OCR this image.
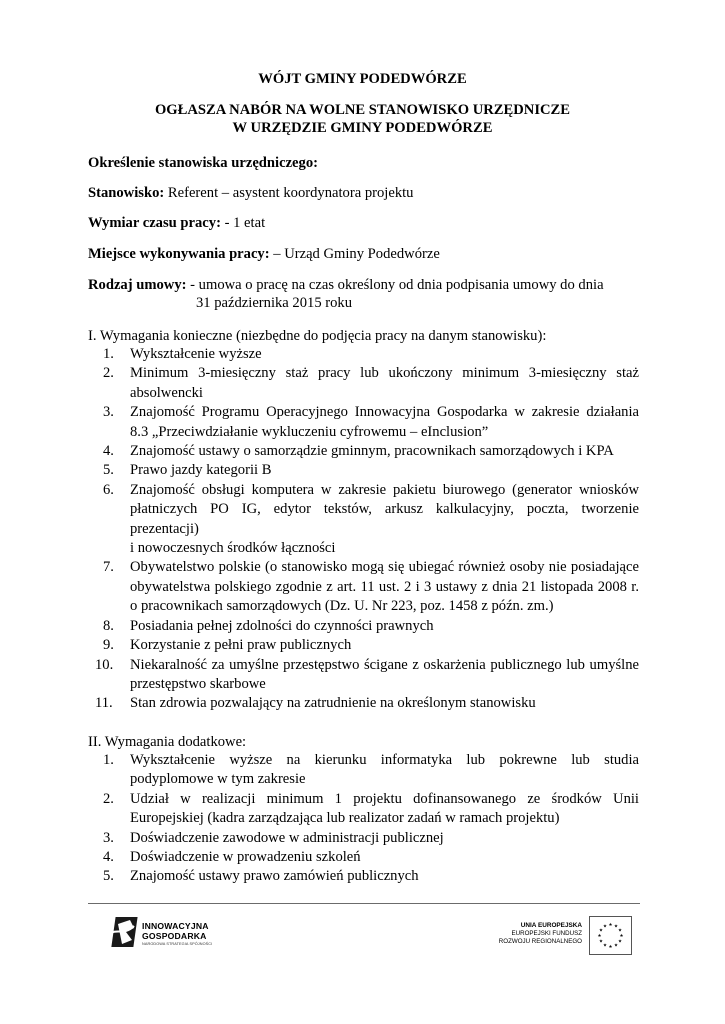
WÓJT GMINY PODEDWÓRZE
OGŁASZA NABÓR NA WOLNE STANOWISKO URZĘDNICZE
W URZĘDZIE GMINY PODEDWÓRZE
Określenie stanowiska urzędniczego:
Stanowisko: Referent – asystent koordynatora projektu
Wymiar czasu pracy: - 1 etat
Miejsce wykonywania pracy: – Urząd Gminy Podedwórze
Rodzaj umowy: - umowa o pracę na czas określony od dnia podpisania umowy do dnia
31 października 2015 roku
I. Wymagania konieczne (niezbędne do podjęcia pracy na danym stanowisku):
1.	Wykształcenie wyższe
2.	Minimum 3-miesięczny staż pracy lub ukończony minimum 3-miesięczny staż
absolwencki
3.	Znajomość Programu Operacyjnego Innowacyjna Gospodarka w zakresie działania
8.3 „Przeciwdziałanie wykluczeniu cyfrowemu – eInclusion”
4.	Znajomość ustawy o samorządzie gminnym, pracownikach samorządowych i KPA
5.	Prawo jazdy kategorii B
6.	Znajomość obsługi komputera w zakresie pakietu biurowego (generator wniosków
płatniczych PO IG, edytor tekstów, arkusz kalkulacyjny, poczta, tworzenie
prezentacji)
i nowoczesnych środków łączności
7.	Obywatelstwo polskie (o stanowisko mogą się ubiegać również osoby nie posiadające
obywatelstwa polskiego zgodnie z art. 11 ust. 2 i 3 ustawy z dnia 21 listopada 2008 r.
o pracownikach samorządowych (Dz. U. Nr 223, poz. 1458 z późn. zm.)
8.	Posiadania pełnej zdolności do czynności prawnych
9.	Korzystanie z pełni praw publicznych
10. Niekaralność za umyślne przestępstwo ścigane z oskarżenia publicznego lub umyślne
przestępstwo skarbowe
11. Stan zdrowia pozwalający na zatrudnienie na określonym stanowisku
II. Wymagania dodatkowe:
1.	Wykształcenie wyższe na kierunku informatyka lub pokrewne lub studia
podyplomowe w tym zakresie
2.	Udział w realizacji minimum 1 projektu dofinansowanego ze środków Unii
Europejskiej (kadra zarządzająca lub realizator zadań w ramach projektu)
3.	Doświadczenie zawodowe w administracji publicznej
4.	Doświadczenie w prowadzeniu szkoleń
5.	Znajomość ustawy prawo zamówień publicznych
INNOWACYJNA
GOSPODARKA
NARODOWA STRATEGIA SPÓJNOŚCI
UNIA EUROPEJSKA
EUROPEJSKI FUNDUSZ
ROZWOJU REGIONALNEGO
